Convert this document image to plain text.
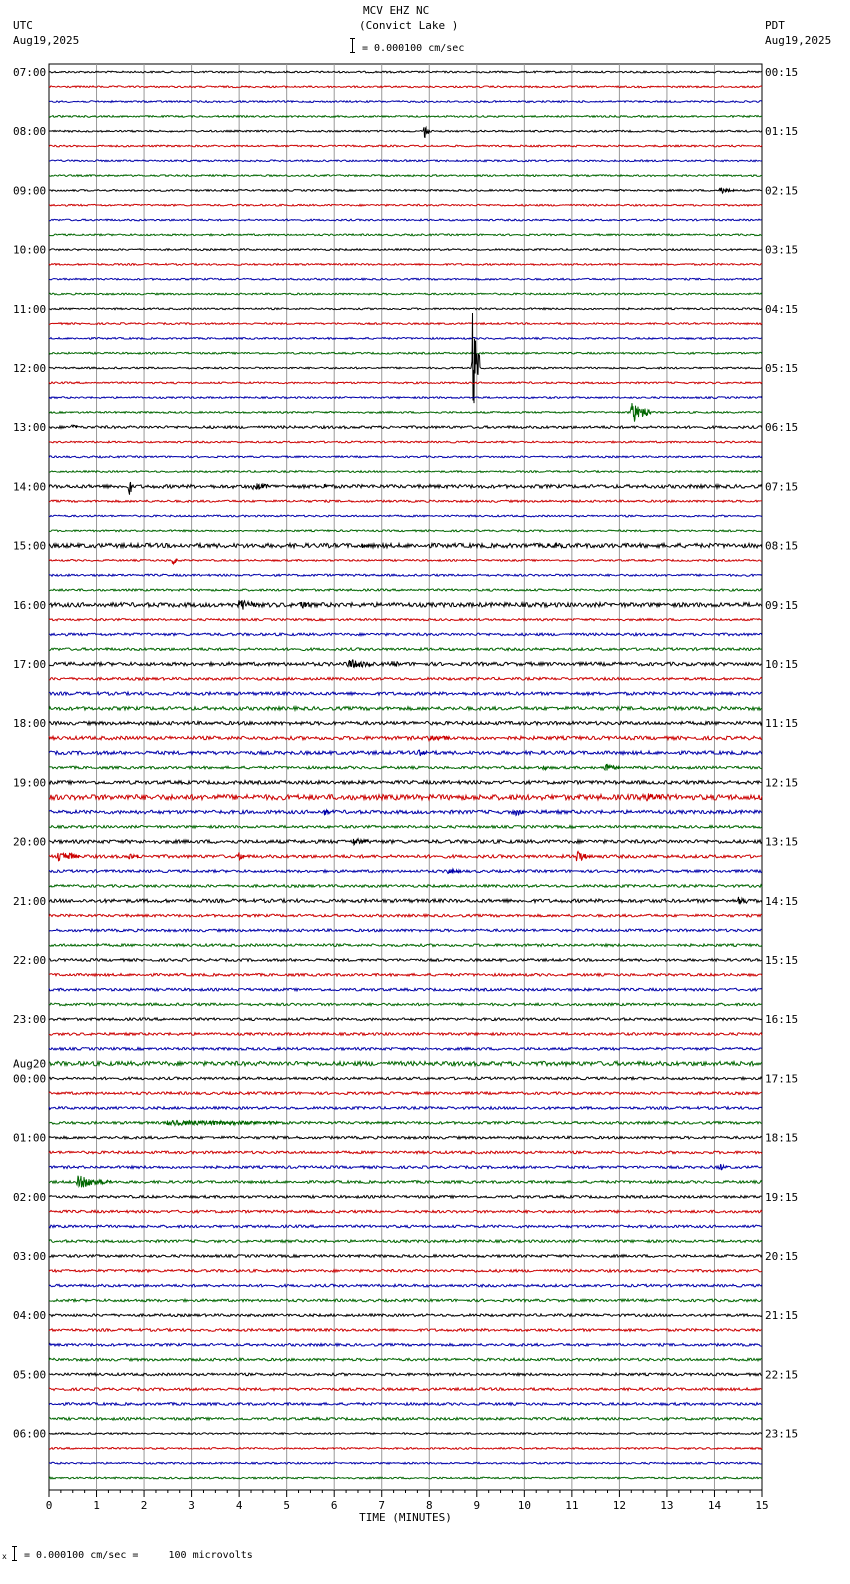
MCV EHZ NC
(Convict Lake )
UTC
Aug19,2025
PDT
Aug19,2025
= 0.000100 cm/sec
0	1	2	3	4	5	6	7	8	9	10	11	12	13	14	15
TIME (MINUTES)
07:00
08:00
09:00
10:00
11:00
12:00
13:00
14:00
15:00
16:00
17:00
18:00
19:00
20:00
21:00
22:00
23:00
00:00
01:00
02:00
03:00
04:00
05:00
06:00
Aug20
00:15
01:15
02:15
03:15
04:15
05:15
06:15
07:15
08:15
09:15
10:15
11:15
12:15
13:15
14:15
15:15
16:15
17:15
18:15
19:15
20:15
21:15
22:15
23:15
x = 0.000100 cm/sec =     100 microvolts
